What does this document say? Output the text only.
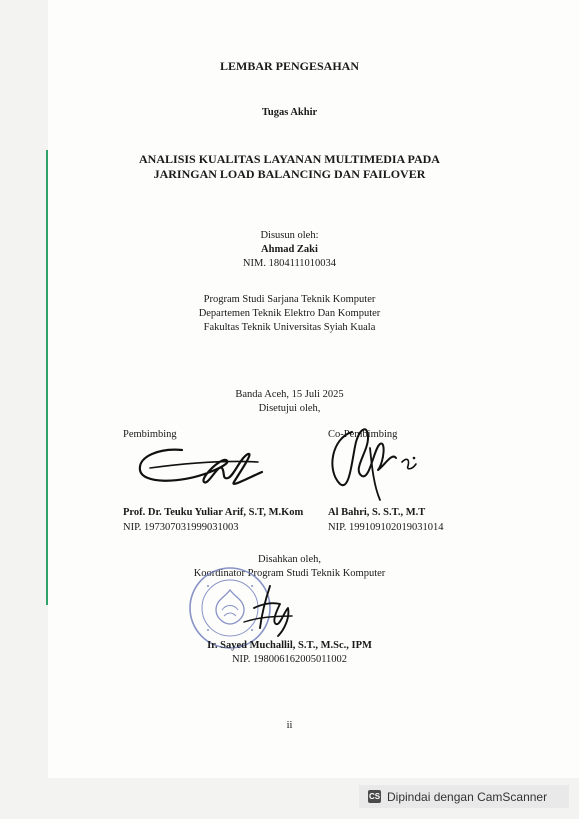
LEMBAR PENGESAHAN
Tugas Akhir
ANALISIS KUALITAS LAYANAN MULTIMEDIA PADA
JARINGAN LOAD BALANCING DAN FAILOVER
Disusun oleh:
Ahmad Zaki
NIM. 1804111010034
Program Studi Sarjana Teknik Komputer
Departemen Teknik Elektro Dan Komputer
Fakultas Teknik Universitas Syiah Kuala
Banda Aceh, 15 Juli 2025
Disetujui oleh,
Pembimbing	Co-Pembimbing
Prof. Dr. Teuku Yuliar Arif, S.T, M.Kom
NIP. 197307031999031003
Al Bahri, S. S.T., M.T
NIP. 199109102019031014
Disahkan oleh,
Koordinator Program Studi Teknik Komputer
Ir. Sayed Muchallil, S.T., M.Sc., IPM
NIP. 198006162005011002
ii
CS Dipindai dengan CamScanner
